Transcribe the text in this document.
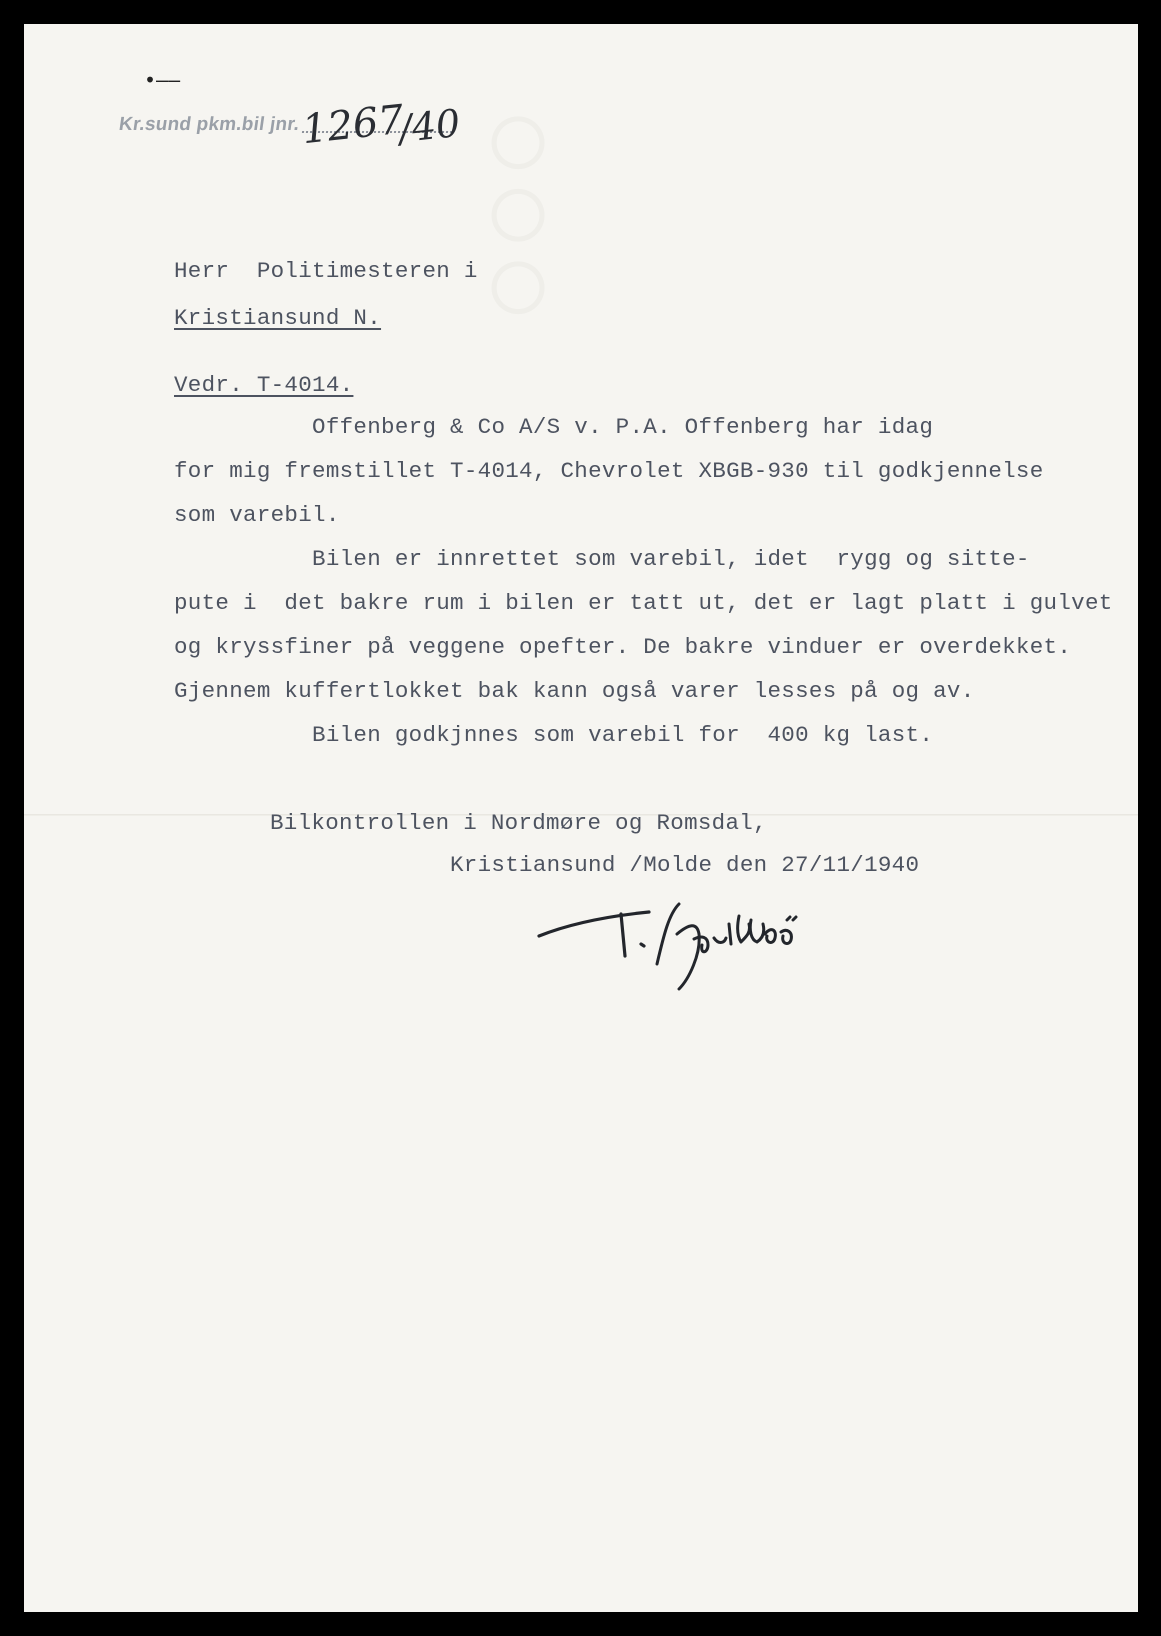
○○○
•—–
Kr.sund pkm.bil jnr. 1267
/40
Herr  Politimesteren i
Kristiansund N.
Vedr. T-4014.
Offenberg & Co A/S v. P.A. Offenberg har idag
for mig fremstillet T-4014, Chevrolet XBGB-930 til godkjennelse
som varebil.
Bilen er innrettet som varebil, idet  rygg og sitte-
pute i  det bakre rum i bilen er tatt ut, det er lagt platt i gulvet
og kryssfiner på veggene opefter. De bakre vinduer er overdekket.
Gjennem kuffertlokket bak kann også varer lesses på og av.
Bilen godkjnnes som varebil for  400 kg last.
Bilkontrollen i Nordmøre og Romsdal,
Kristiansund /Molde den 27/11/1940
